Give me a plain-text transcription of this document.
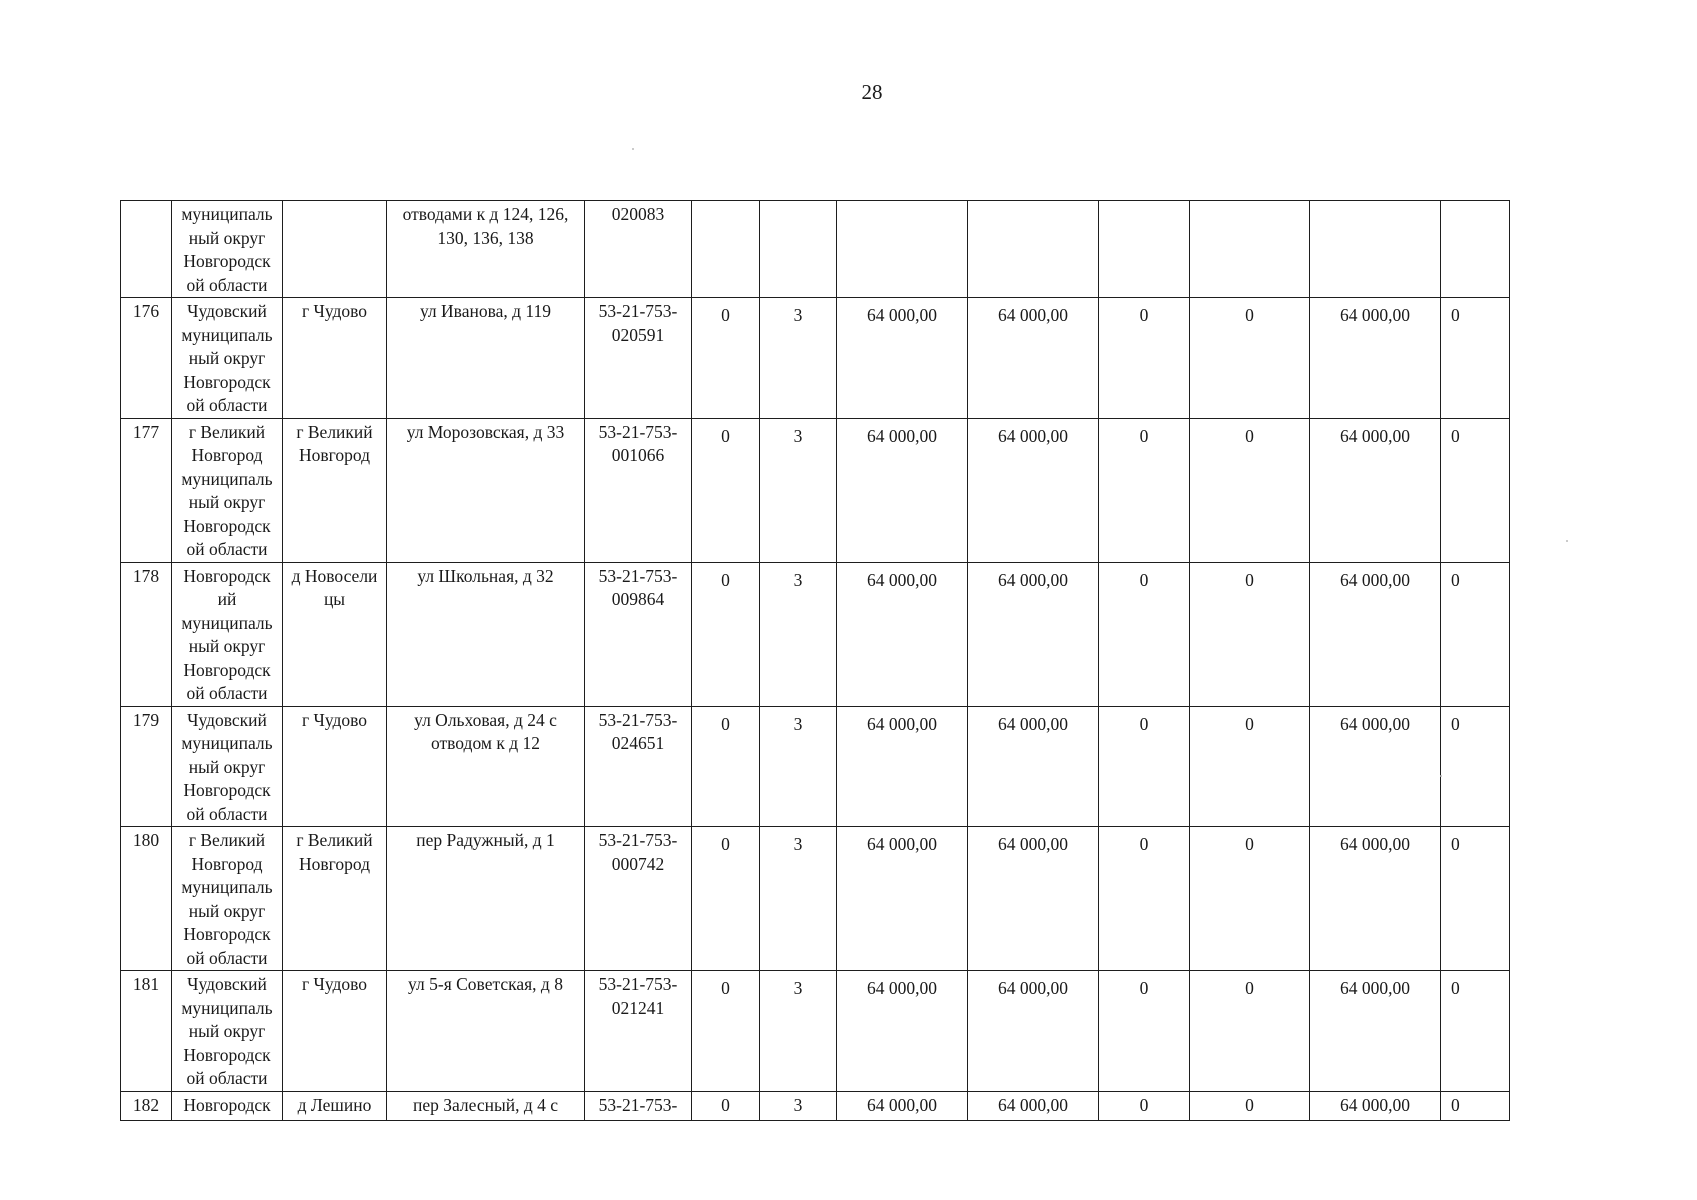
28
	муниципаль ный округ Новгородск ой области		отводами к д 124, 126, 130, 136, 138	020083								
176	Чудовский муниципаль ный округ Новгородск ой области	г Чудово	ул Иванова, д 119	53-21-753-020591	0	3	64 000,00	64 000,00	0	0	64 000,00	0
177	г Великий Новгород муниципаль ный округ Новгородск ой области	г Великий Новгород	ул Морозовская, д 33	53-21-753-001066	0	3	64 000,00	64 000,00	0	0	64 000,00	0
178	Новгородск ий муниципаль ный округ Новгородск ой области	д Новосели цы	ул Школьная, д 32	53-21-753-009864	0	3	64 000,00	64 000,00	0	0	64 000,00	0
179	Чудовский муниципаль ный округ Новгородск ой области	г Чудово	ул Ольховая, д 24 с отводом к д 12	53-21-753-024651	0	3	64 000,00	64 000,00	0	0	64 000,00	0
180	г Великий Новгород муниципаль ный округ Новгородск ой области	г Великий Новгород	пер Радужный, д 1	53-21-753-000742	0	3	64 000,00	64 000,00	0	0	64 000,00	0
181	Чудовский муниципаль ный округ Новгородск ой области	г Чудово	ул 5-я Советская, д 8	53-21-753-021241	0	3	64 000,00	64 000,00	0	0	64 000,00	0
182	Новгородск	д Лешино	пер Залесный, д 4 с	53-21-753-	0	3	64 000,00	64 000,00	0	0	64 000,00	0
